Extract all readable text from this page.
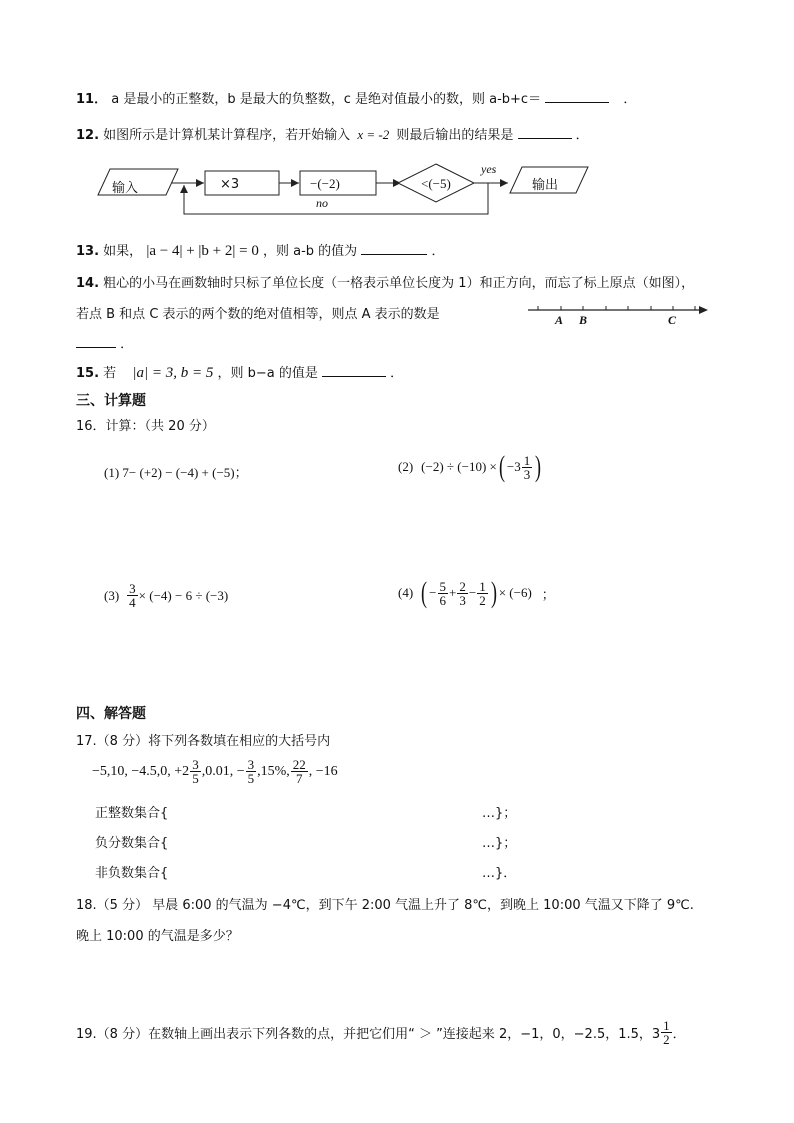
11． a 是最小的正整数，b 是最大的负整数，c 是绝对值最小的数，则 a-b+c＝	．
12. 如图所示是计算机某计算程序，若开始输入 x = -2 则最后输出的结果是	．
输入	×3	−(−2)	<(−5)
yes
no
输出
13. 如果， |a − 4| + |b + 2| = 0 ，则 a-b 的值为	．
14. 粗心的小马在画数轴时只标了单位长度（一格表示单位长度为 1）和正方向，而忘了标上原点（如图），
若点 B 和点 C 表示的两个数的绝对值相等，则点 A 表示的数是
．
A B	C
15. 若 |a| = 3, b = 5 ，则 b−a 的值是	．
三、计算题
16．计算：（共 20 分）
(1) 7− (+2) − (−4) + (−5)；	(2) (−2) ÷ (−10) × ( $-3 \frac{1}{3}$ )
$(3) \frac{3}{4} \times (-4) - 6 \div (-3)$	(4) ( − $\frac{5}{6} + \frac{2}{3} - \frac{1}{2}$ ) × (−6) ；
四、解答题
17.（8 分）将下列各数填在相应的大括号内
−5,10, −4.5,0, $+2 \frac{3}{5} ,0.01$, − $\frac{3}{5} ,15\%$, $\frac{22}{7}$ , −16
正整数集合{	…}；
负分数集合{	…}；
非负数集合{	…}．
18.（5 分） 早晨 6:00 的气温为 −4℃，到下午 2:00 气温上升了 8℃，到晚上 10:00 气温又下降了 9℃.
晚上 10:00 的气温是多少？
19.（8 分）在数轴上画出表示下列各数的点，并把它们用“ ＞ ”连接起来 2，−1，0，−2.5，1.5，$3 \frac{1}{2}$ ．
